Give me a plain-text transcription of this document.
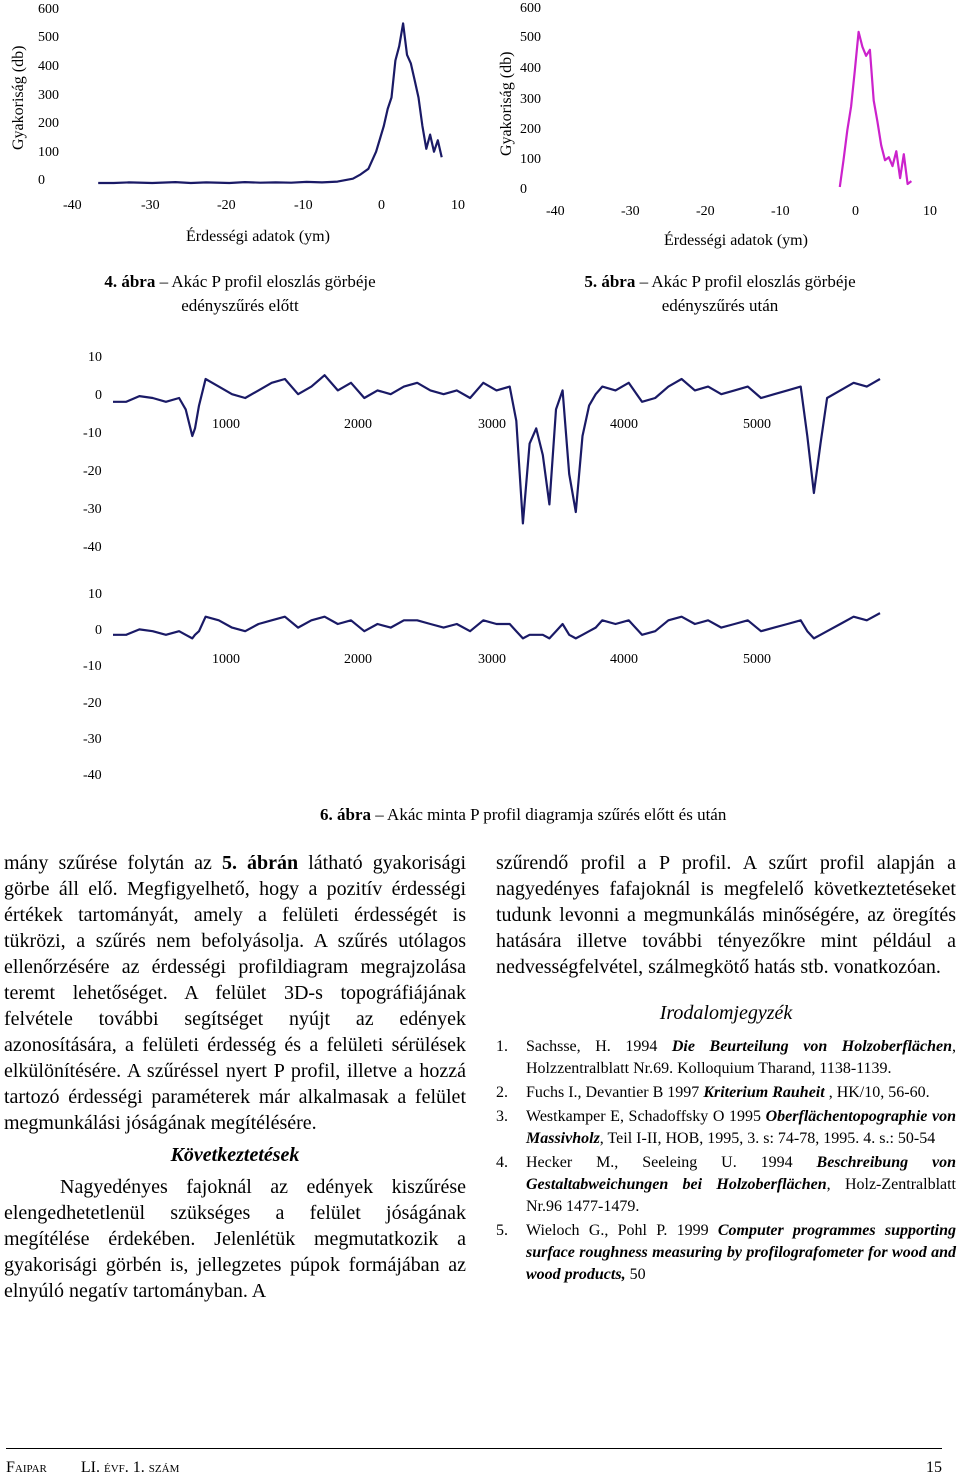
Gyakoriság (db)
600
500
400
300
200
100
0
-40	-30	-20	-10	0	10
Érdességi adatok (ym)
4. ábra – Akác P profil eloszlás görbéje
edényszűrés előtt
Gyakoriság (db)
600
500
400
300
200
100
0
-40	-30	-20	-10	0	10
Érdességi adatok (ym)
5. ábra – Akác P profil eloszlás görbéje
edényszűrés után
10
0
-10
-20
-30
-40
1000	2000	3000	4000	5000
10
0
-10
-20
-30
-40
1000	2000	3000	4000	5000
6. ábra – Akác minta P profil diagramja szűrés előtt és után
mány szűrése folytán az 5. ábrán látható gyakorisági görbe áll elő. Megfigyelhető, hogy a pozitív érdességi értékek tartományát, amely a felületi érdességét is tükrözi, a szűrés nem befolyásolja. A szűrés utólagos ellenőrzésére az érdességi profildiagram megrajzolása teremt lehetőséget. A felület 3D-s topográfiájának felvétele további segítséget nyújt az edények azonosítására, a felületi érdesség és a felületi sérülések elkülönítésére. A szűréssel nyert P profil, illetve a hozzá tartozó érdességi paraméterek már alkalmasak a felület megmunkálási jóságának megítélésére.
Következtetések
Nagyedényes fajoknál az edények kiszűrése elengedhetetlenül szükséges a felület jóságának megítélése érdekében. Jelenlétük megmutatkozik a gyakorisági görbén is, jellegzetes púpok formájában az elnyúló negatív tartományban. A
szűrendő profil a P profil. A szűrt profil alapján a nagyedényes fafajoknál is megfelelő következtetéseket tudunk levonni a megmunkálás minőségére, az öregítés hatására illetve további tényezőkre mint például a nedvességfelvétel, szálmegkötő hatás stb. vonatkozóan.
Irodalomjegyzék
1. Sachsse, H. 1994 Die Beurteilung von Holzoberflächen, Holzzentralblatt Nr.69. Kolloquium Tharand, 1138-1139.
2. Fuchs I., Devantier B 1997 Kriterium Rauheit , HK/10, 56-60.
3. Westkamper E, Schadoffsky O 1995 Oberflächentopographie von Massivholz, Teil I-II, HOB, 1995, 3. s: 74-78, 1995. 4. s.: 50-54
4. Hecker M., Seeleing U. 1994 Beschreibung von Gestaltabweichungen bei Holzoberflächen, Holz-Zentralblatt Nr.96 1477-1479.
5. Wieloch G., Pohl P. 1999 Computer programmes supporting surface roughness measuring by profilografometer for wood and wood products, 50
Faipar LI. évf. 1. szám	15
